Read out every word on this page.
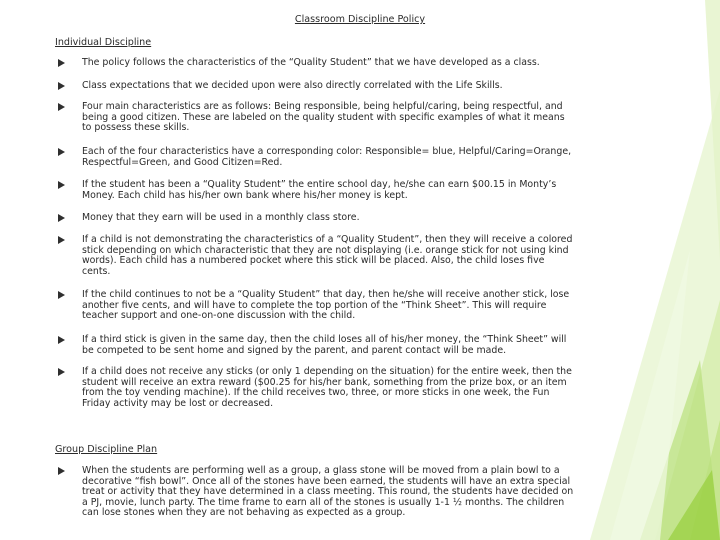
Classroom Discipline Policy
Individual Discipline
The policy follows the characteristics of the “Quality Student” that we have developed as a class.
Class expectations that we decided upon were also directly correlated with the Life Skills.
Four main characteristics are as follows: Being responsible, being helpful/caring, being respectful, and
being a good citizen. These are labeled on the quality student with specific examples of what it means
to possess these skills.
Each of the four characteristics have a corresponding color: Responsible= blue, Helpful/Caring=Orange,
Respectful=Green, and Good Citizen=Red.
If the student has been a “Quality Student” the entire school day, he/she can earn $00.15 in Monty’s
Money. Each child has his/her own bank where his/her money is kept.
Money that they earn will be used in a monthly class store.
If a child is not demonstrating the characteristics of a “Quality Student”, then they will receive a colored
stick depending on which characteristic that they are not displaying (i.e. orange stick for not using kind
words). Each child has a numbered pocket where this stick will be placed. Also, the child loses five
cents.
If the child continues to not be a “Quality Student” that day, then he/she will receive another stick, lose
another five cents, and will have to complete the top portion of the “Think Sheet”. This will require
teacher support and one-on-one discussion with the child.
If a third stick is given in the same day, then the child loses all of his/her money, the “Think Sheet” will
be competed to be sent home and signed by the parent, and parent contact will be made.
If a child does not receive any sticks (or only 1 depending on the situation) for the entire week, then the
student will receive an extra reward ($00.25 for his/her bank, something from the prize box, or an item
from the toy vending machine). If the child receives two, three, or more sticks in one week, the Fun
Friday activity may be lost or decreased.
Group Discipline Plan
When the students are performing well as a group, a glass stone will be moved from a plain bowl to a
decorative “fish bowl”. Once all of the stones have been earned, the students will have an extra special
treat or activity that they have determined in a class meeting. This round, the students have decided on
a PJ, movie, lunch party. The time frame to earn all of the stones is usually 1-1 ½ months. The children
can lose stones when they are not behaving as expected as a group.
